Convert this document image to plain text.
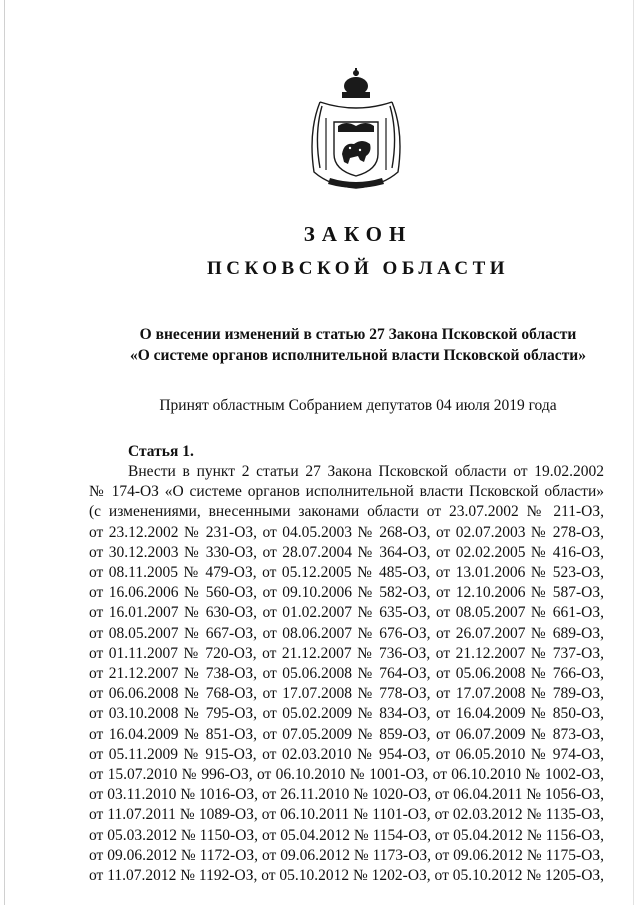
ЗАКОН
ПСКОВСКОЙ ОБЛАСТИ
О внесении изменений в статью 27 Закона Псковской области
«О системе органов исполнительной власти Псковской области»
Принят областным Собранием депутатов 04 июля 2019 года
Статья 1.
Внести в пункт 2 статьи 27 Закона Псковской области от 19.02.2002
№ 174-ОЗ «О системе органов исполнительной власти Псковской области»
(с изменениями, внесенными законами области от 23.07.2002 № 211-ОЗ,
от 23.12.2002 № 231-ОЗ, от 04.05.2003 № 268-ОЗ, от 02.07.2003 № 278-ОЗ,
от 30.12.2003 № 330-ОЗ, от 28.07.2004 № 364-ОЗ, от 02.02.2005 № 416-ОЗ,
от 08.11.2005 № 479-ОЗ, от 05.12.2005 № 485-ОЗ, от 13.01.2006 № 523-ОЗ,
от 16.06.2006 № 560-ОЗ, от 09.10.2006 № 582-ОЗ, от 12.10.2006 № 587-ОЗ,
от 16.01.2007 № 630-ОЗ, от 01.02.2007 № 635-ОЗ, от 08.05.2007 № 661-ОЗ,
от 08.05.2007 № 667-ОЗ, от 08.06.2007 № 676-ОЗ, от 26.07.2007 № 689-ОЗ,
от 01.11.2007 № 720-ОЗ, от 21.12.2007 № 736-ОЗ, от 21.12.2007 № 737-ОЗ,
от 21.12.2007 № 738-ОЗ, от 05.06.2008 № 764-ОЗ, от 05.06.2008 № 766-ОЗ,
от 06.06.2008 № 768-ОЗ, от 17.07.2008 № 778-ОЗ, от 17.07.2008 № 789-ОЗ,
от 03.10.2008 № 795-ОЗ, от 05.02.2009 № 834-ОЗ, от 16.04.2009 № 850-ОЗ,
от 16.04.2009 № 851-ОЗ, от 07.05.2009 № 859-ОЗ, от 06.07.2009 № 873-ОЗ,
от 05.11.2009 № 915-ОЗ, от 02.03.2010 № 954-ОЗ, от 06.05.2010 № 974-ОЗ,
от 15.07.2010 № 996-ОЗ, от 06.10.2010 № 1001-ОЗ, от 06.10.2010 № 1002-ОЗ,
от 03.11.2010 № 1016-ОЗ, от 26.11.2010 № 1020-ОЗ, от 06.04.2011 № 1056-ОЗ,
от 11.07.2011 № 1089-ОЗ, от 06.10.2011 № 1101-ОЗ, от 02.03.2012 № 1135-ОЗ,
от 05.03.2012 № 1150-ОЗ, от 05.04.2012 № 1154-ОЗ, от 05.04.2012 № 1156-ОЗ,
от 09.06.2012 № 1172-ОЗ, от 09.06.2012 № 1173-ОЗ, от 09.06.2012 № 1175-ОЗ,
от 11.07.2012 № 1192-ОЗ, от 05.10.2012 № 1202-ОЗ, от 05.10.2012 № 1205-ОЗ,
